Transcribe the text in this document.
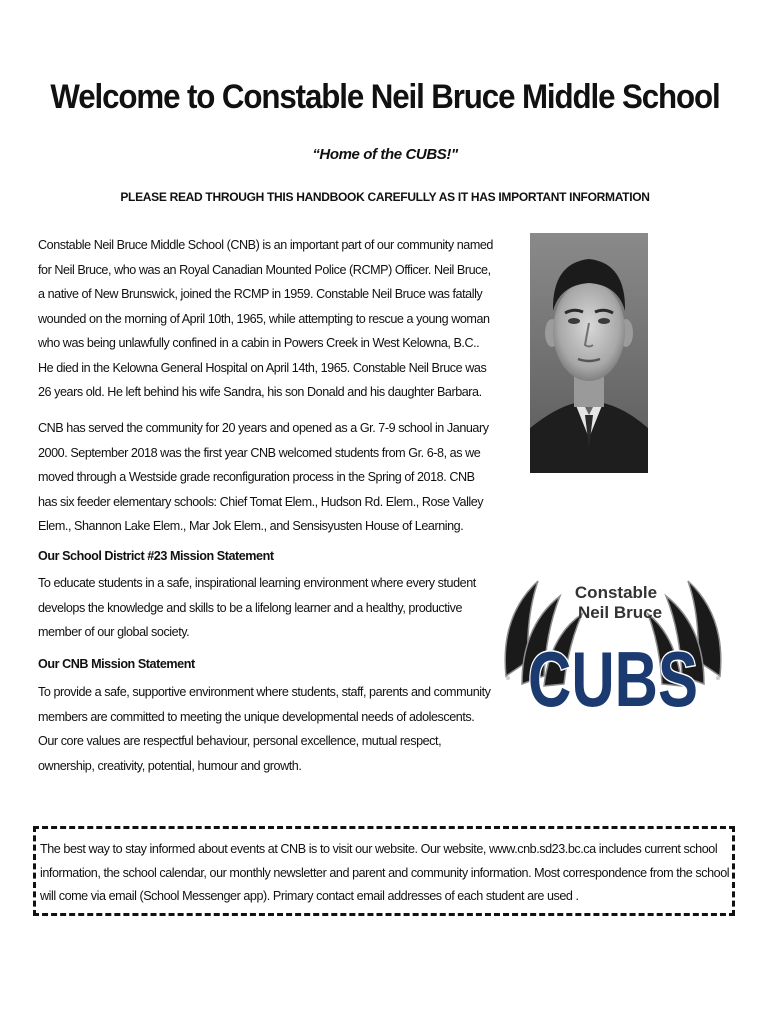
Welcome to Constable Neil Bruce Middle School
“Home of the CUBS!"
PLEASE READ THROUGH THIS HANDBOOK CAREFULLY AS IT HAS IMPORTANT INFORMATION
Constable Neil Bruce Middle School (CNB) is an important part of our community named for Neil Bruce, who was an Royal Canadian Mounted Police (RCMP) Officer. Neil Bruce, a native of New Brunswick, joined the RCMP in 1959. Constable Neil Bruce was fatally wounded on the morning of April 10th, 1965, while attempting to rescue a young woman who was being unlawfully confined in a cabin in Powers Creek in West Kelowna, B.C.. He died in the Kelowna General Hospital on April 14th, 1965. Constable Neil Bruce was 26 years old. He left behind his wife Sandra, his son Donald and his daughter Barbara.
CNB has served the community for 20 years and opened as a Gr. 7-9 school in January 2000. September 2018 was the first year CNB welcomed students from Gr. 6-8, as we moved through a Westside grade reconfiguration process in the Spring of 2018. CNB has six feeder elementary schools: Chief Tomat Elem., Hudson Rd. Elem., Rose Valley Elem., Shannon Lake Elem., Mar Jok Elem., and Sensisyusten House of Learning.
Our School District #23 Mission Statement
To educate students in a safe, inspirational learning environment where every student develops the knowledge and skills to be a lifelong learner and a healthy, productive member of our global society.
Our CNB Mission Statement
To provide a safe, supportive environment where students, staff, parents and community members are committed to meeting the unique developmental needs of adolescents. Our core values are respectful behaviour, personal excellence, mutual respect, ownership, creativity, potential, humour and growth.
Constable
Neil Bruce
CUBS
The best way to stay informed about events at CNB is to visit our website. Our website, www.cnb.sd23.bc.ca includes current school information, the school calendar, our monthly newsletter and parent and community information. Most correspondence from the school will come via email (School Messenger app). Primary contact email addresses of each student are used .
